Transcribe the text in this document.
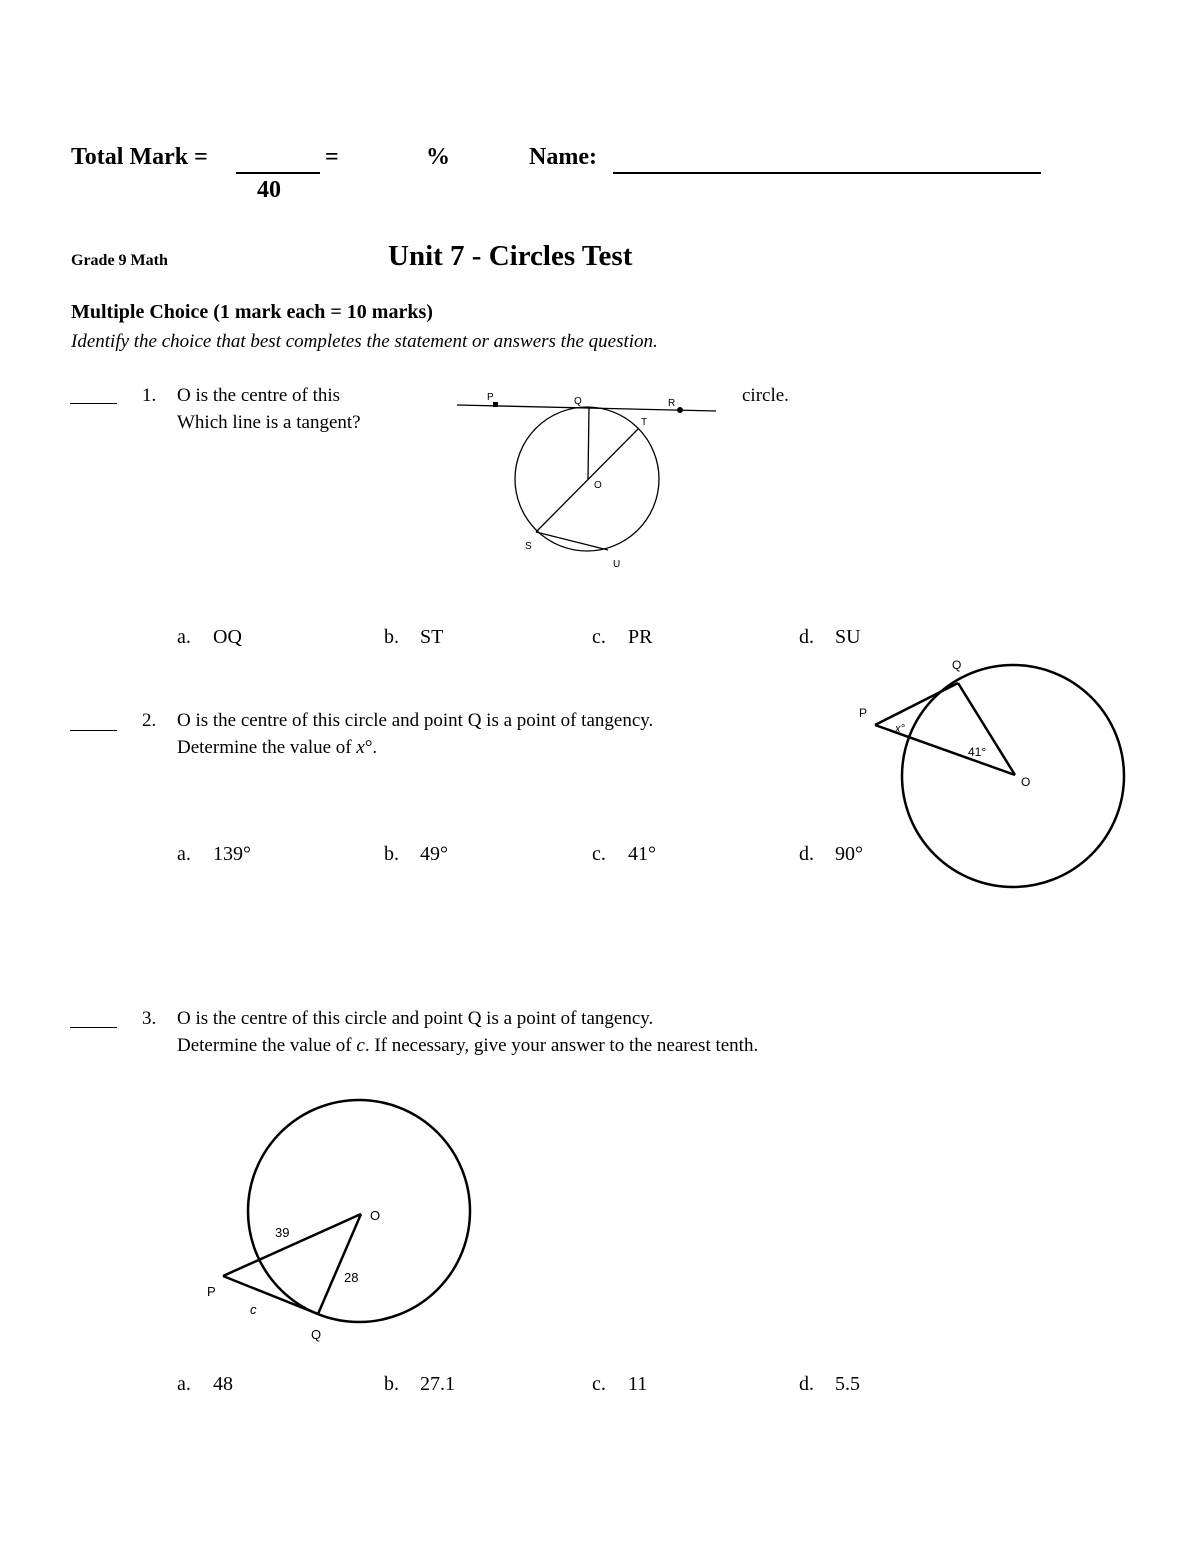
Total Mark =	=
40
%	Name:
Grade 9 Math	Unit 7 - Circles Test
Multiple Choice (1 mark each = 10 marks)
Identify the choice that best completes the statement or answers the question.
1. O is the centre of this	circle.
Which line is a tangent?
P	Q	R
T
O
S
U
a. OQ	b. ST	c. PR	d. SU
2. O is the centre of this circle and point Q is a point of tangency.
Determine the value of x°.
Q
P
O
x°
41°
a. 139°	b. 49°	c. 41°	d. 90°
3. O is the centre of this circle and point Q is a point of tangency.
Determine the value of c. If necessary, give your answer to the nearest tenth.
O
39
28
P
c
Q
a. 48	b. 27.1	c. 11	d. 5.5
